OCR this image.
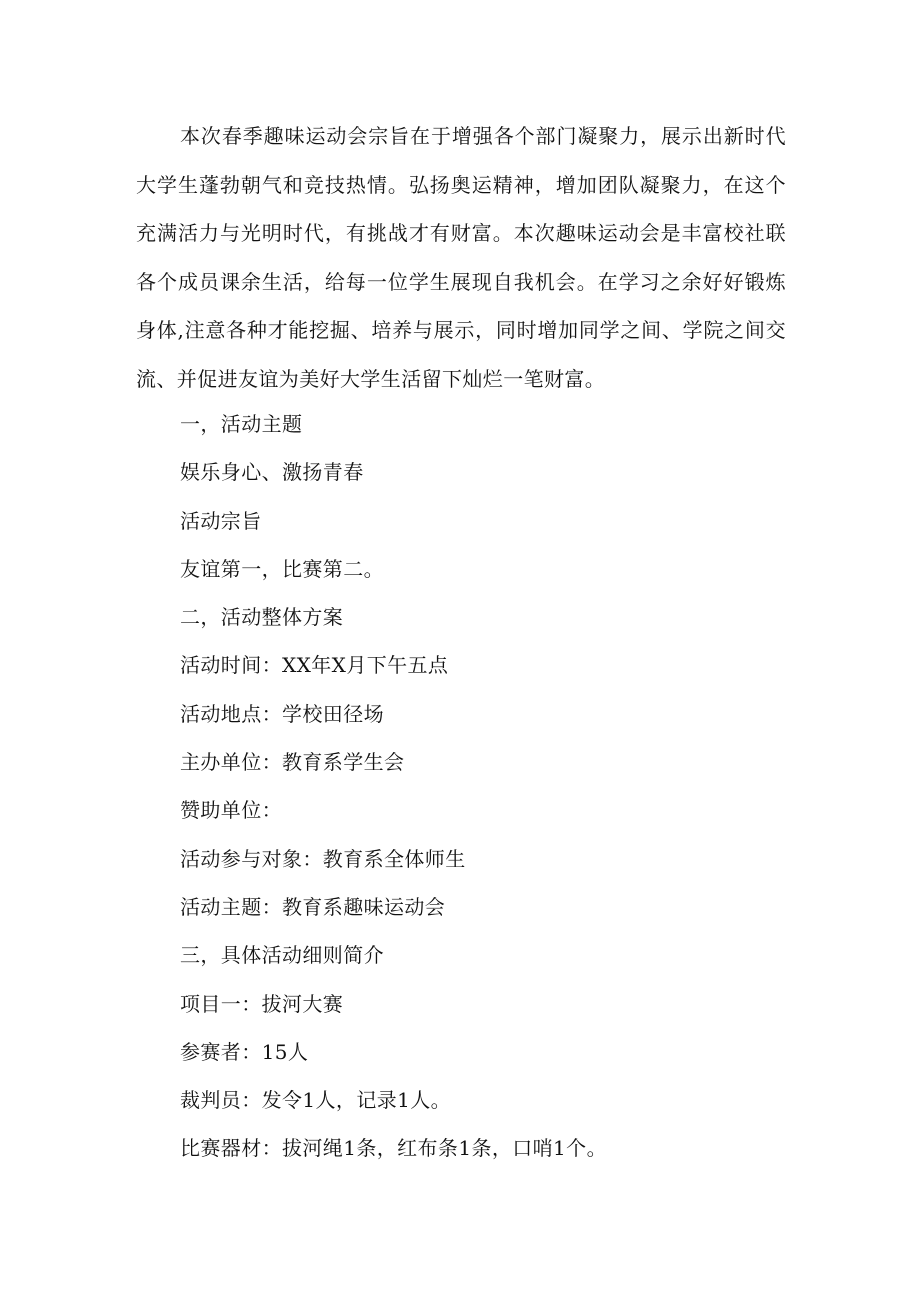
本次春季趣味运动会宗旨在于增强各个部门凝聚力，展示出新时代大学生蓬勃朝气和竞技热情。弘扬奥运精神，增加团队凝聚力，在这个充满活力与光明时代，有挑战才有财富。本次趣味运动会是丰富校社联各个成员课余生活，给每一位学生展现自我机会。在学习之余好好锻炼身体,注意各种才能挖掘、培养与展示，同时增加同学之间、学院之间交流、并促进友谊为美好大学生活留下灿烂一笔财富。

一，活动主题
娱乐身心、激扬青春
活动宗旨
友谊第一，比赛第二。
二，活动整体方案
活动时间：XX年X月下午五点
活动地点：学校田径场
主办单位：教育系学生会
赞助单位：
活动参与对象：教育系全体师生
活动主题：教育系趣味运动会
三，具体活动细则简介
项目一：拔河大赛
参赛者：15人
裁判员：发令1人，记录1人。
比赛器材：拔河绳1条，红布条1条，口哨1个。
